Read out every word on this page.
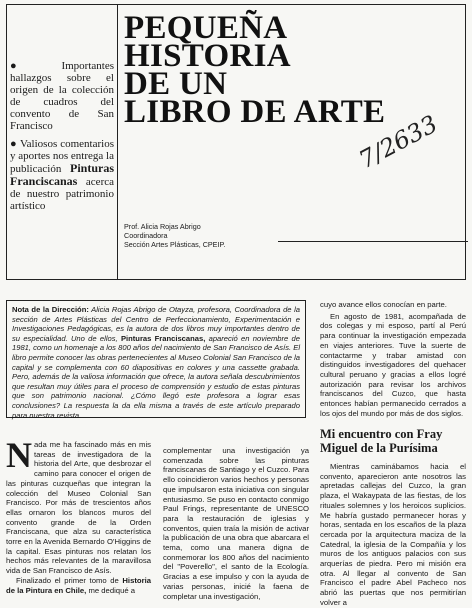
● Importantes hallazgos sobre el origen de la colección de cuadros del convento de San Francisco
● Valiosos comentarios y aportes nos entrega la publicación Pinturas Franciscanas acerca de nuestro patrimonio artístico
PEQUEÑA HISTORIA
DE UN
LIBRO DE ARTE
7/2633
Prof. Alicia Rojas Abrigo
Coordinadora
Sección Artes Plásticas, CPEIP.
Nota de la Dirección: Alicia Rojas Abrigo de Otayza, profesora, Coordinadora de la sección de Artes Plásticas del Centro de Perfeccionamiento, Experimentación e Investigaciones Pedagógicas, es la autora de dos libros muy importantes dentro de su especialidad. Uno de ellos, Pinturas Franciscanas, apareció en noviembre de 1981, como un homenaje a los 800 años del nacimiento de San Francisco de Asís. El libro permite conocer las obras pertenecientes al Museo Colonial San Francisco de la capital y se complementa con 60 diapositivas en colores y una cassette grabada. Pero, además de la valiosa información que ofrece, la autora señala descubrimientos que resultan muy útiles para el proceso de comprensión y estudio de estas pinturas que son patrimonio nacional. ¿Cómo llegó este profesora a lograr esas conclusiones? La respuesta la da ella misma a través de este artículo preparado para nuestra revista.
Nada me ha fascinado más en mis tareas de investigadora de la historia del Arte, que desbrozar el camino para conocer el origen de las pinturas cuzqueñas que integran la colección del Museo Colonial San Francisco. Por más de trescientos años ellas ornaron los blancos muros del convento grande de la Orden Franciscana, que alza su característica torre en la Avenida Bernardo O'Higgins de la capital. Esas pinturas nos relatan los hechos más relevantes de la maravillosa vida de San Francisco de Asís.
Finalizado el primer tomo de Historia de la Pintura en Chile, me dediqué a
complementar una investigación ya comenzada sobre las pinturas franciscanas de Santiago y el Cuzco. Para ello coincidieron varios hechos y personas que impulsaron esta iniciativa con singular entusiasmo. Se puso en contacto conmigo Paul Frings, representante de UNESCO para la restauración de iglesias y conventos, quien traía la misión de activar la publicación de una obra que abarcara el tema, como una manera digna de conmemorar los 800 años del nacimiento del "Poverello", el santo de la Ecología. Gracias a ese impulso y con la ayuda de varias personas, inicié la faena de completar una investigación,
cuyo avance ellos conocían en parte.
En agosto de 1981, acompañada de dos colegas y mi esposo, partí al Perú para continuar la investigación empezada en viajes anteriores. Tuve la suerte de contactarme y trabar amistad con distinguidos investigadores del quehacer cultural peruano y gracias a ellos logré autorización para revisar los archivos franciscanos del Cuzco, que hasta entonces habían permanecido cerrados a los ojos del mundo por más de dos siglos.
Mi encuentro con Fray Miguel de la Purísima
Mientras caminábamos hacia el convento, aparecieron ante nosotros las apretadas callejas del Cuzco, la gran plaza, el Wakaypata de las fiestas, de los rituales solemnes y los heroicos suplicios. Me habría gustado permanecer horas y horas, sentada en los escaños de la plaza cercada por la arquitectura maciza de la Catedral, la iglesia de la Compañía y los muros de los antiguos palacios con sus arquerías de piedra. Pero mi misión era otra. Al llegar al convento de San Francisco el padre Abel Pacheco nos abrió las puertas que nos permitirían volver a
